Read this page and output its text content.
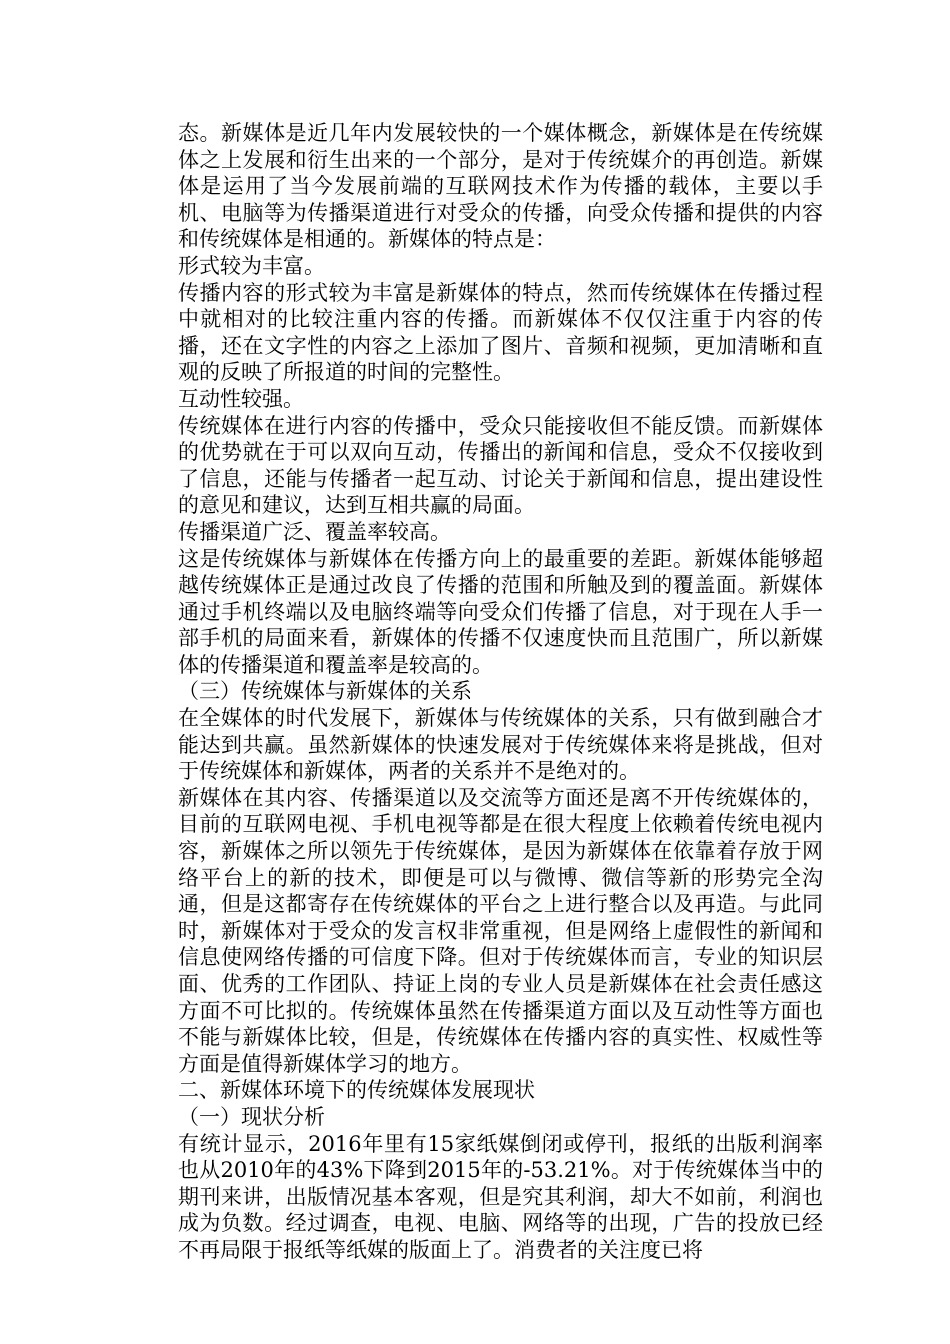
态。新媒体是近几年内发展较快的一个媒体概念，新媒体是在传统媒体之上发展和衍生出来的一个部分，是对于传统媒介的再创造。新媒体是运用了当今发展前端的互联网技术作为传播的载体，主要以手机、电脑等为传播渠道进行对受众的传播，向受众传播和提供的内容和传统媒体是相通的。新媒体的特点是：

形式较为丰富。

传播内容的形式较为丰富是新媒体的特点，然而传统媒体在传播过程中就相对的比较注重内容的传播。而新媒体不仅仅注重于内容的传播，还在文字性的内容之上添加了图片、音频和视频，更加清晰和直观的反映了所报道的时间的完整性。

互动性较强。

传统媒体在进行内容的传播中，受众只能接收但不能反馈。而新媒体的优势就在于可以双向互动，传播出的新闻和信息，受众不仅接收到了信息，还能与传播者一起互动、讨论关于新闻和信息，提出建设性的意见和建议，达到互相共赢的局面。

传播渠道广泛、覆盖率较高。

这是传统媒体与新媒体在传播方向上的最重要的差距。新媒体能够超越传统媒体正是通过改良了传播的范围和所触及到的覆盖面。新媒体通过手机终端以及电脑终端等向受众们传播了信息，对于现在人手一部手机的局面来看，新媒体的传播不仅速度快而且范围广，所以新媒体的传播渠道和覆盖率是较高的。

（三）传统媒体与新媒体的关系

在全媒体的时代发展下，新媒体与传统媒体的关系，只有做到融合才能达到共赢。虽然新媒体的快速发展对于传统媒体来将是挑战，但对于传统媒体和新媒体，两者的关系并不是绝对的。

新媒体在其内容、传播渠道以及交流等方面还是离不开传统媒体的，目前的互联网电视、手机电视等都是在很大程度上依赖着传统电视内容，新媒体之所以领先于传统媒体，是因为新媒体在依靠着存放于网络平台上的新的技术，即便是可以与微博、微信等新的形势完全沟通，但是这都寄存在传统媒体的平台之上进行整合以及再造。与此同时，新媒体对于受众的发言权非常重视，但是网络上虚假性的新闻和信息使网络传播的可信度下降。但对于传统媒体而言，专业的知识层面、优秀的工作团队、持证上岗的专业人员是新媒体在社会责任感这方面不可比拟的。传统媒体虽然在传播渠道方面以及互动性等方面也不能与新媒体比较，但是，传统媒体在传播内容的真实性、权威性等方面是值得新媒体学习的地方。

二、新媒体环境下的传统媒体发展现状

（一）现状分析

有统计显示，2016年里有15家纸媒倒闭或停刊，报纸的出版利润率也从2010年的43%下降到2015年的-53.21%。对于传统媒体当中的期刊来讲，出版情况基本客观，但是究其利润，却大不如前，利润也成为负数。经过调查，电视、电脑、网络等的出现，广告的投放已经不再局限于报纸等纸媒的版面上了。消费者的关注度已将
